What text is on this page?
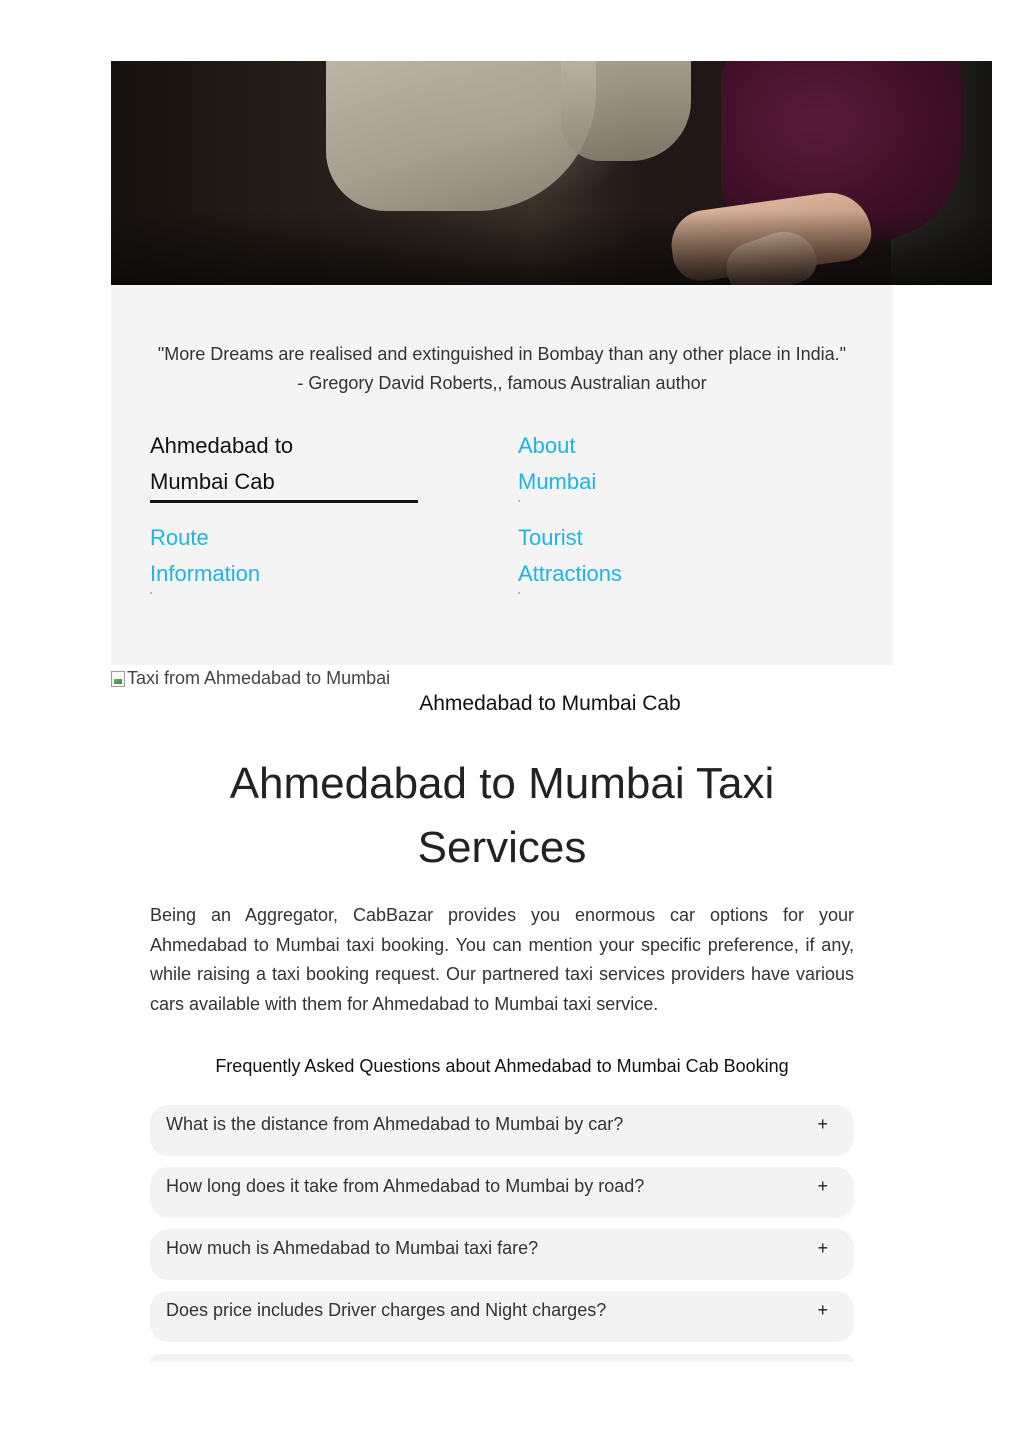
"More Dreams are realised and extinguished in Bombay than any other place in India."
- Gregory David Roberts,, famous Australian author
Ahmedabad to
Mumbai Cab
About
Mumbai
Route
Information
Tourist
Attractions
Taxi from Ahmedabad to Mumbai
Ahmedabad to Mumbai Cab
Ahmedabad to Mumbai Taxi
Services

Being an Aggregator, CabBazar provides you enormous car options for your Ahmedabad to Mumbai taxi booking. You can mention your specific preference, if any, while raising a taxi booking request. Our partnered taxi services providers have various cars available with them for Ahmedabad to Mumbai taxi service.

Frequently Asked Questions about Ahmedabad to Mumbai Cab Booking
What is the distance from Ahmedabad to Mumbai by car?	+
How long does it take from Ahmedabad to Mumbai by road?	+
How much is Ahmedabad to Mumbai taxi fare?	+
Does price includes Driver charges and Night charges?	+
